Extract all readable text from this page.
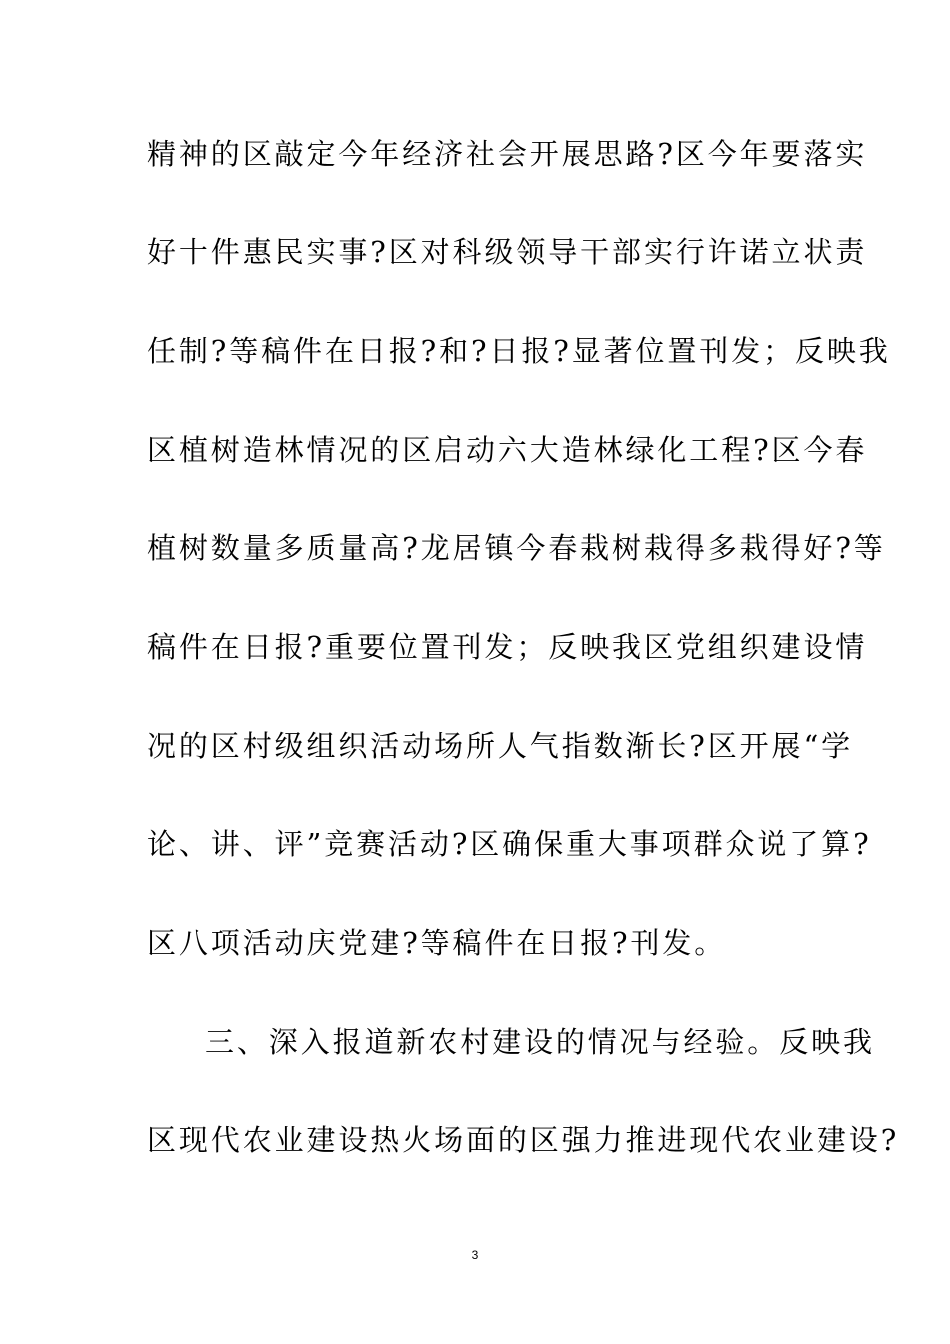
精神的区敲定今年经济社会开展思路?区今年要落实
好十件惠民实事?区对科级领导干部实行许诺立状责
任制?等稿件在日报?和?日报?显著位置刊发；反映我
区植树造林情况的区启动六大造林绿化工程?区今春
植树数量多质量高?龙居镇今春栽树栽得多栽得好?等
稿件在日报?重要位置刊发；反映我区党组织建设情
况的区村级组织活动场所人气指数渐长?区开展“学
论、讲、评”竞赛活动?区确保重大事项群众说了算?
区八项活动庆党建?等稿件在日报?刊发。
三、深入报道新农村建设的情况与经验。反映我
区现代农业建设热火场面的区强力推进现代农业建设?
3
